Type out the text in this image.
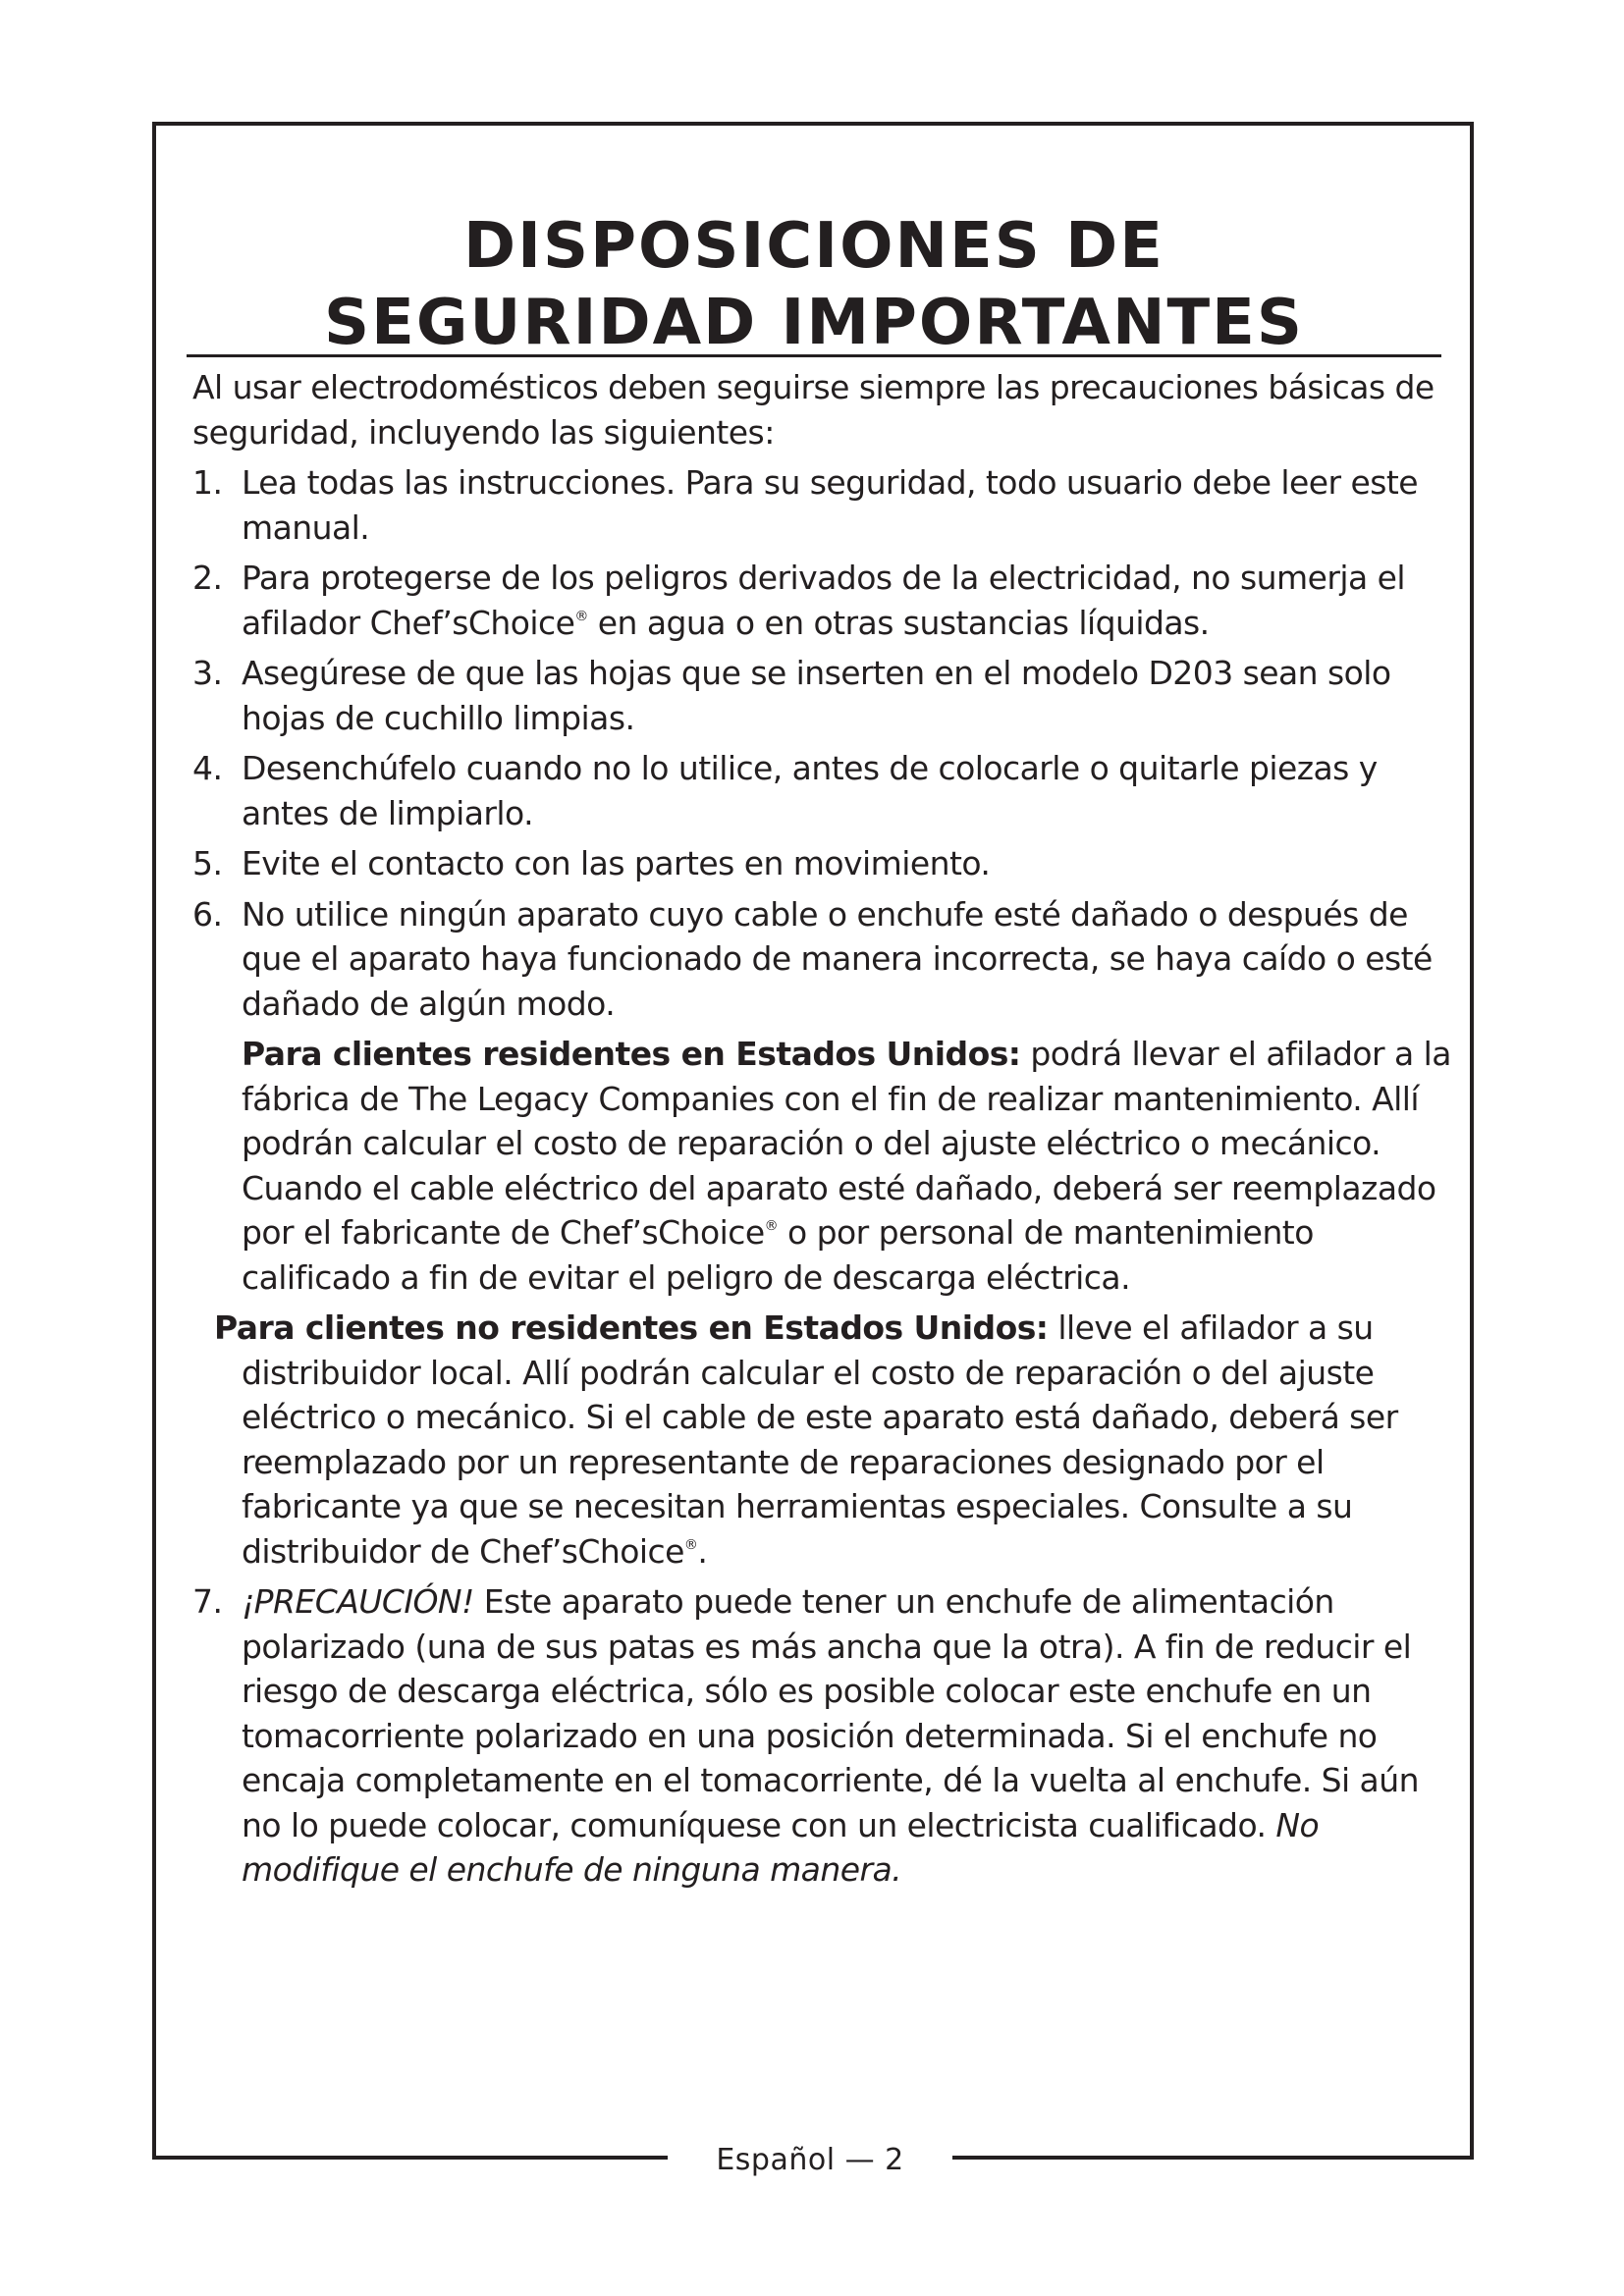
Español — 2
DISPOSICIONES DE
SEGURIDAD IMPORTANTES

Al usar electrodomésticos deben seguirse siempre las precauciones básicas de seguridad, incluyendo las siguientes:

1. Lea todas las instrucciones. Para su seguridad, todo usuario debe leer este manual.

2. Para protegerse de los peligros derivados de la electricidad, no sumerja el afilador Chef’sChoice® en agua o en otras sustancias líquidas.

3. Asegúrese de que las hojas que se inserten en el modelo D203 sean solo hojas de cuchillo limpias.

4. Desenchúfelo cuando no lo utilice, antes de colocarle o quitarle piezas y antes de limpiarlo.

5. Evite el contacto con las partes en movimiento.

6. No utilice ningún aparato cuyo cable o enchufe esté dañado o después de que el aparato haya funcionado de manera incorrecta, se haya caído o esté dañado de algún modo.

Para clientes residentes en Estados Unidos: podrá llevar el afilador a la fábrica de The Legacy Companies con el fin de realizar mantenimiento. Allí podrán calcular el costo de reparación o del ajuste eléctrico o mecánico. Cuando el cable eléctrico del aparato esté dañado, deberá ser reemplazado por el fabricante de Chef’sChoice® o por personal de mantenimiento calificado a fin de evitar el peligro de descarga eléctrica.

Para clientes no residentes en Estados Unidos: lleve el afilador a su distribuidor local. Allí podrán calcular el costo de reparación o del ajuste eléctrico o mecánico. Si el cable de este aparato está dañado, deberá ser reemplazado por un representante de reparaciones designado por el fabricante ya que se necesitan herramientas especiales. Consulte a su distribuidor de Chef’sChoice®.

7. ¡PRECAUCIÓN! Este aparato puede tener un enchufe de alimentación polarizado (una de sus patas es más ancha que la otra). A fin de reducir el riesgo de descarga eléctrica, sólo es posible colocar este enchufe en un tomacorriente polarizado en una posición determinada. Si el enchufe no encaja completamente en el tomacorriente, dé la vuelta al enchufe. Si aún no lo puede colocar, comuníquese con un electricista cualificado. No modifique el enchufe de ninguna manera.
